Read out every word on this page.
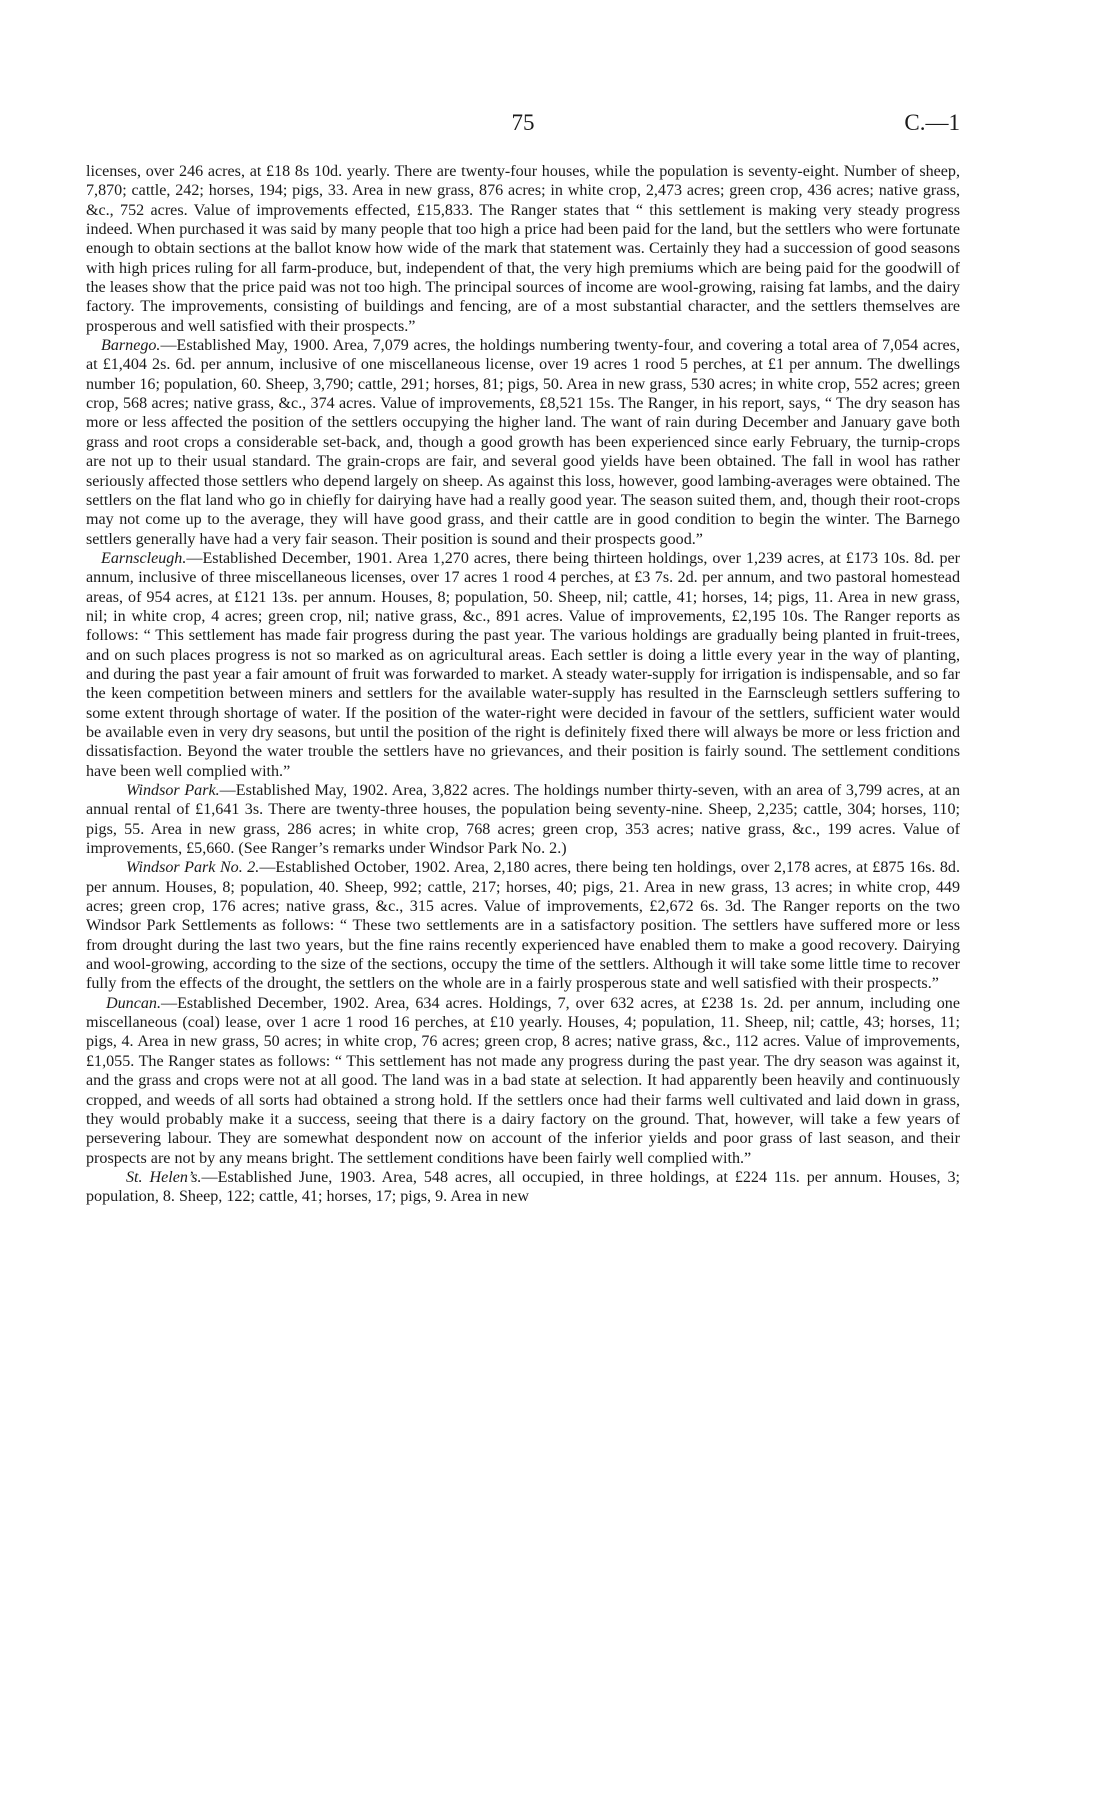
75	C.—1

licenses, over 246 acres, at £18 8s 10d. yearly. There are twenty-four houses, while the population is seventy-eight. Number of sheep, 7,870; cattle, 242; horses, 194; pigs, 33. Area in new grass, 876 acres; in white crop, 2,473 acres; green crop, 436 acres; native grass, &c., 752 acres. Value of improvements effected, £15,833. The Ranger states that “ this settlement is making very steady progress indeed. When purchased it was said by many people that too high a price had been paid for the land, but the settlers who were fortunate enough to obtain sections at the ballot know how wide of the mark that statement was. Certainly they had a succession of good seasons with high prices ruling for all farm-produce, but, independent of that, the very high premiums which are being paid for the goodwill of the leases show that the price paid was not too high. The principal sources of income are wool-growing, raising fat lambs, and the dairy factory. The improvements, consisting of buildings and fencing, are of a most substantial character, and the settlers themselves are prosperous and well satisfied with their prospects.”

Barnego.—Established May, 1900. Area, 7,079 acres, the holdings numbering twenty-four, and covering a total area of 7,054 acres, at £1,404 2s. 6d. per annum, inclusive of one miscellaneous license, over 19 acres 1 rood 5 perches, at £1 per annum. The dwellings number 16; population, 60. Sheep, 3,790; cattle, 291; horses, 81; pigs, 50. Area in new grass, 530 acres; in white crop, 552 acres; green crop, 568 acres; native grass, &c., 374 acres. Value of improvements, £8,521 15s. The Ranger, in his report, says, “ The dry season has more or less affected the position of the settlers occupying the higher land. The want of rain during December and January gave both grass and root crops a considerable set-back, and, though a good growth has been experienced since early February, the turnip-crops are not up to their usual standard. The grain-crops are fair, and several good yields have been obtained. The fall in wool has rather seriously affected those settlers who depend largely on sheep. As against this loss, however, good lambing-averages were obtained. The settlers on the flat land who go in chiefly for dairying have had a really good year. The season suited them, and, though their root-crops may not come up to the average, they will have good grass, and their cattle are in good condition to begin the winter. The Barnego settlers generally have had a very fair season. Their position is sound and their prospects good.”

Earnscleugh.—Established December, 1901. Area 1,270 acres, there being thirteen holdings, over 1,239 acres, at £173 10s. 8d. per annum, inclusive of three miscellaneous licenses, over 17 acres 1 rood 4 perches, at £3 7s. 2d. per annum, and two pastoral homestead areas, of 954 acres, at £121 13s. per annum. Houses, 8; population, 50. Sheep, nil; cattle, 41; horses, 14; pigs, 11. Area in new grass, nil; in white crop, 4 acres; green crop, nil; native grass, &c., 891 acres. Value of improvements, £2,195 10s. The Ranger reports as follows: “ This settlement has made fair progress during the past year. The various holdings are gradually being planted in fruit-trees, and on such places progress is not so marked as on agricultural areas. Each settler is doing a little every year in the way of planting, and during the past year a fair amount of fruit was forwarded to market. A steady water-supply for irrigation is indispensable, and so far the keen competition between miners and settlers for the available water-supply has resulted in the Earnscleugh settlers suffering to some extent through shortage of water. If the position of the water-right were decided in favour of the settlers, sufficient water would be available even in very dry seasons, but until the position of the right is definitely fixed there will always be more or less friction and dissatisfaction. Beyond the water trouble the settlers have no grievances, and their position is fairly sound. The settlement conditions have been well complied with.”

Windsor Park.—Established May, 1902. Area, 3,822 acres. The holdings number thirty-seven, with an area of 3,799 acres, at an annual rental of £1,641 3s. There are twenty-three houses, the population being seventy-nine. Sheep, 2,235; cattle, 304; horses, 110; pigs, 55. Area in new grass, 286 acres; in white crop, 768 acres; green crop, 353 acres; native grass, &c., 199 acres. Value of improvements, £5,660. (See Ranger’s remarks under Windsor Park No. 2.)

Windsor Park No. 2.—Established October, 1902. Area, 2,180 acres, there being ten holdings, over 2,178 acres, at £875 16s. 8d. per annum. Houses, 8; population, 40. Sheep, 992; cattle, 217; horses, 40; pigs, 21. Area in new grass, 13 acres; in white crop, 449 acres; green crop, 176 acres; native grass, &c., 315 acres. Value of improvements, £2,672 6s. 3d. The Ranger reports on the two Windsor Park Settlements as follows: “ These two settlements are in a satisfactory position. The settlers have suffered more or less from drought during the last two years, but the fine rains recently experienced have enabled them to make a good recovery. Dairying and wool-growing, according to the size of the sections, occupy the time of the settlers. Although it will take some little time to recover fully from the effects of the drought, the settlers on the whole are in a fairly prosperous state and well satisfied with their prospects.”

Duncan.—Established December, 1902. Area, 634 acres. Holdings, 7, over 632 acres, at £238 1s. 2d. per annum, including one miscellaneous (coal) lease, over 1 acre 1 rood 16 perches, at £10 yearly. Houses, 4; population, 11. Sheep, nil; cattle, 43; horses, 11; pigs, 4. Area in new grass, 50 acres; in white crop, 76 acres; green crop, 8 acres; native grass, &c., 112 acres. Value of improvements, £1,055. The Ranger states as follows: “ This settlement has not made any progress during the past year. The dry season was against it, and the grass and crops were not at all good. The land was in a bad state at selection. It had apparently been heavily and continuously cropped, and weeds of all sorts had obtained a strong hold. If the settlers once had their farms well cultivated and laid down in grass, they would probably make it a success, seeing that there is a dairy factory on the ground. That, however, will take a few years of persevering labour. They are somewhat despondent now on account of the inferior yields and poor grass of last season, and their prospects are not by any means bright. The settlement conditions have been fairly well complied with.”

St. Helen’s.—Established June, 1903. Area, 548 acres, all occupied, in three holdings, at £224 11s. per annum. Houses, 3; population, 8. Sheep, 122; cattle, 41; horses, 17; pigs, 9. Area in new
